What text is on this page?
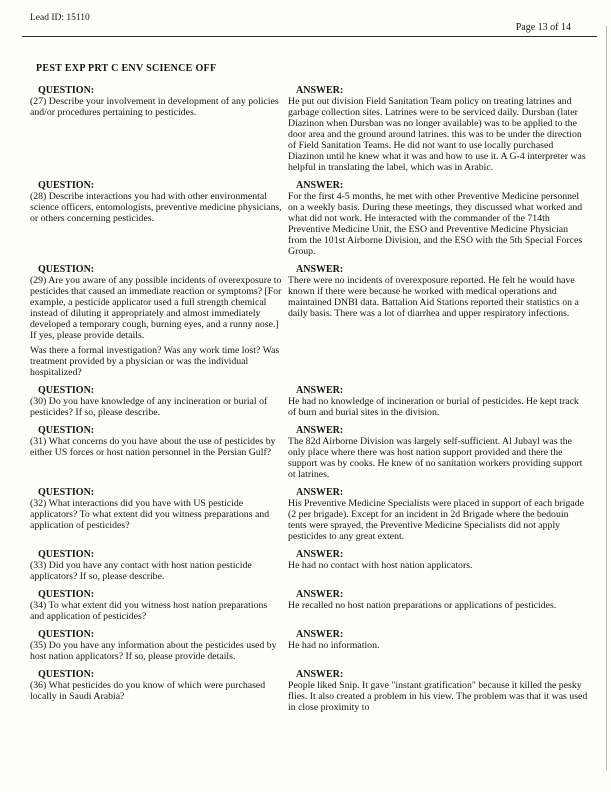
Lead ID: 15110
Page 13 of 14
PEST EXP PRT C ENV SCIENCE OFF
QUESTION:
(27) Describe your involvement in development of any policies and/or procedures pertaining to pesticides.
ANSWER:
He put out division Field Sanitation Team policy on treating latrines and garbage collection sites. Latrines were to be serviced daily. Dursban (later Diazinon when Dursban was no longer available) was to be applied to the door area and the ground around latrines. this was to be under the direction of Field Sanitation Teams. He did not want to use locally purchased Diazinon until he knew what it was and how to use it. A G-4 interpreter was helpful in translating the label, which was in Arabic.
QUESTION:
(28) Describe interactions you had with other environmental science officers, entomologists, preventive medicine physicians, or others concerning pesticides.
ANSWER:
For the first 4-5 months, he met with other Preventive Medicine personnel on a weekly basis. During these meetings, they discussed what worked and what did not work. He interacted with the commander of the 714th Preventive Medicine Unit, the ESO and Preventive Medicine Physician from the 101st Airborne Division, and the ESO with the 5th Special Forces Group.
QUESTION:
(29) Are you aware of any possible incidents of overexposure to pesticides that caused an immediate reaction or symptoms? [For example, a pesticide applicator used a full strength chemical instead of diluting it appropriately and almost immediately developed a temporary cough, burning eyes, and a runny nose.] If yes, please provide details.
Was there a formal investigation? Was any work time lost? Was treatment provided by a physician or was the individual hospitalized?
ANSWER:
There were no incidents of overexposure reported. He felt he would have known if there were because he worked with medical operations and maintained DNBI data. Battalion Aid Stations reported their statistics on a daily basis. There was a lot of diarrhea and upper respiratory infections.
QUESTION:
(30) Do you have knowledge of any incineration or burial of pesticides? If so, please describe.
ANSWER:
He had no knowledge of incineration or burial of pesticides. He kept track of burn and burial sites in the division.
QUESTION:
(31) What concerns do you have about the use of pesticides by either US forces or host nation personnel in the Persian Gulf?
ANSWER:
The 82d Airborne Division was largely self-sufficient. Al Jubayl was the only place where there was host nation support provided and there the support was by cooks. He knew of no sanitation workers providing support ot latrines.
QUESTION:
(32) What interactions did you have with US pesticide applicators? To what extent did you witness preparations and application of pesticides?
ANSWER:
His Preventive Medicine Specialists were placed in support of each brigade (2 per brigade). Except for an incident in 2d Brigade where the bedouin tents were sprayed, the Preventive Medicine Specialists did not apply pesticides to any great extent.
QUESTION:
(33) Did you have any contact with host nation pesticide applicators? If so, please describe.
ANSWER:
He had no contact with host nation applicators.
QUESTION:
(34) To what extent did you witness host nation preparations and application of pesticides?
ANSWER:
He recalled no host nation preparations or applications of pesticides.
QUESTION:
(35) Do you have any information about the pesticides used by host nation applicators? If so, please provide details.
ANSWER:
He had no information.
QUESTION:
(36) What pesticides do you know of which were purchased locally in Saudi Arabia?
ANSWER:
People liked Snip. It gave "instant gratification" because it killed the pesky flies. It also created a problem in his view. The problem was that it was used in close proximity to
